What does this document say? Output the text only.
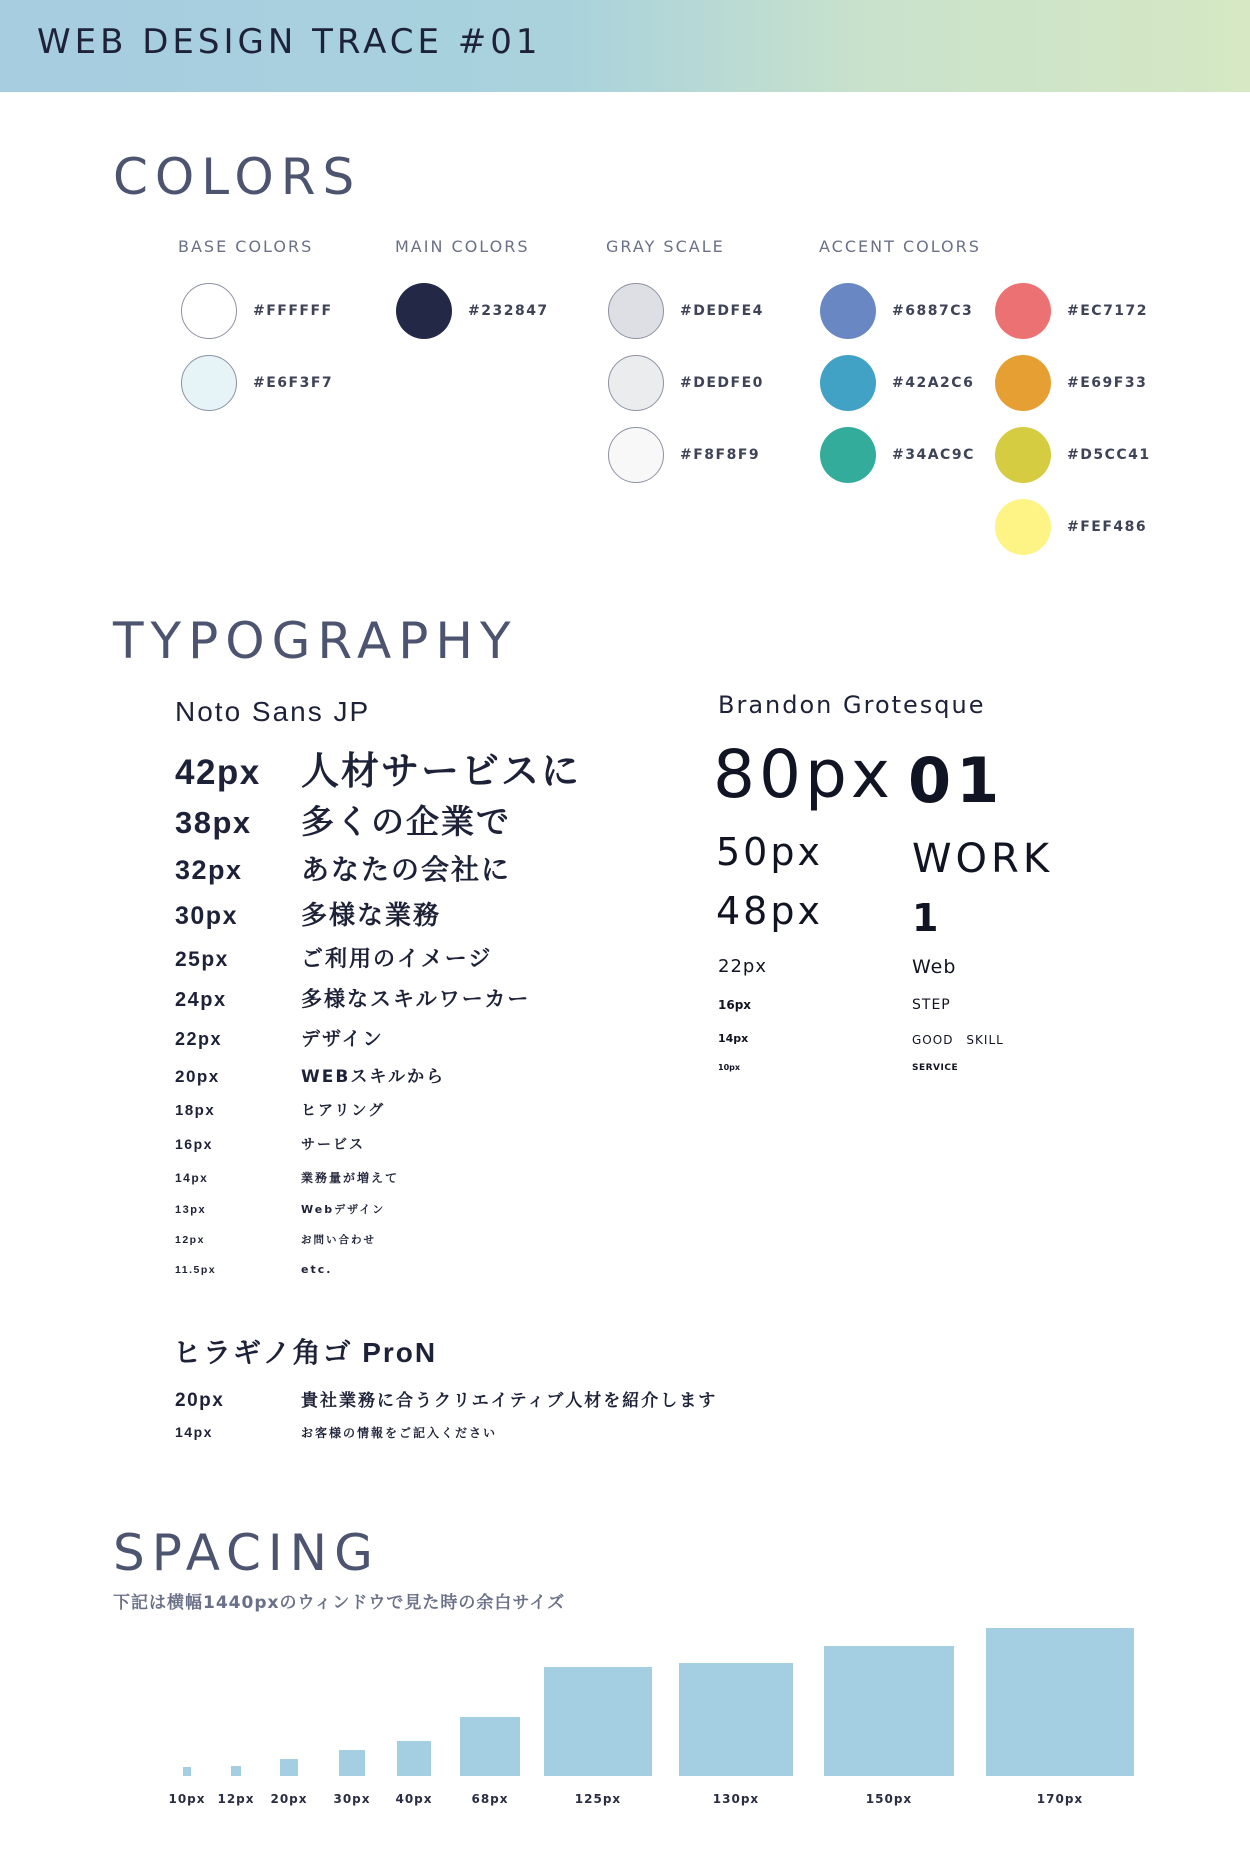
WEB DESIGN TRACE #01
COLORS
BASE COLORS	MAIN COLORS	GRAY SCALE	ACCENT COLORS
#FFFFFF
#E6F3F7
#232847	#DEDFE4
#DEDFE0
#F8F8F9
#6887C3
#42A2C6
#34AC9C
#EC7172
#E69F33
#D5CC41
#FEF486
TYPOGRAPHY
Noto Sans JP
42px	人材サービスに
38px	多くの企業で
32px	あなたの会社に
30px	多様な業務
25px	ご利用のイメージ
24px	多様なスキルワーカー
22px	デザイン
20px	WEBスキルから
18px	ヒアリング
16px	サービス
14px	業務量が増えて
13px	Webデザイン
12px	お問い合わせ
11.5px	etc.
ヒラギノ角ゴ ProN
20px	貴社業務に合うクリエイティブ人材を紹介します
14px	お客様の情報をご記入ください
Brandon Grotesque
80px 01
50px WORK
48px 1
22px	Web
16px	STEP
14px	GOOD　SKILL
10px	SERVICE
SPACING
下記は横幅1440pxのウィンドウで見た時の余白サイズ
10px 12px	20px	30px	40px	68px	125px	130px	150px	170px
